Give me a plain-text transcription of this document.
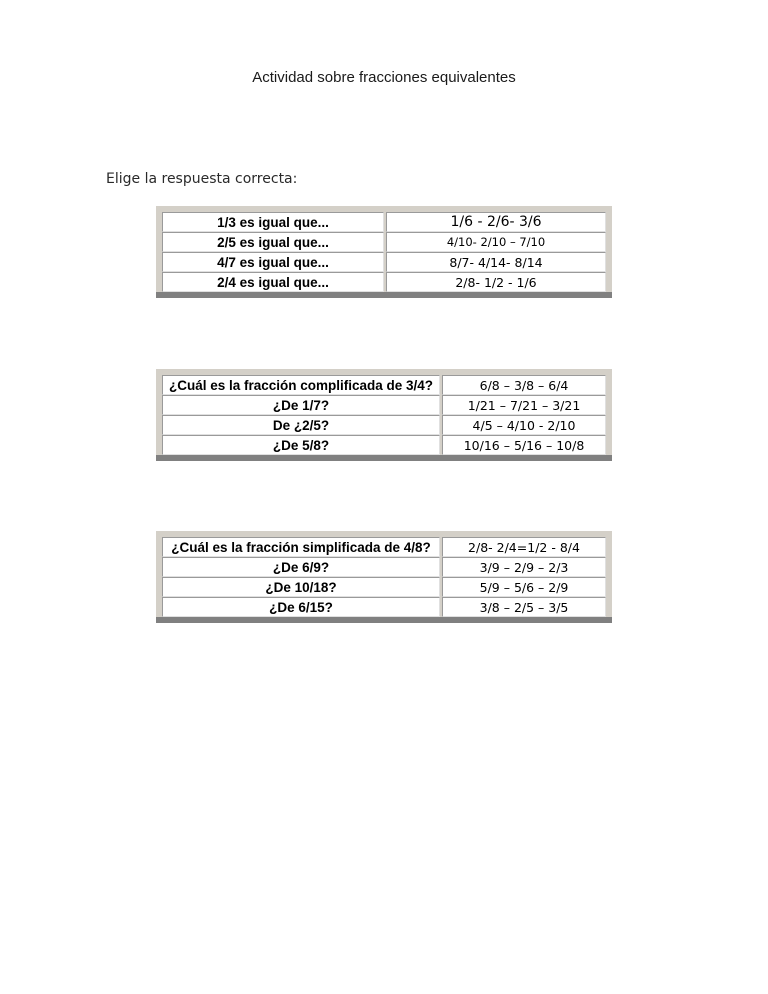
Actividad sobre fracciones equivalentes
Elige la respuesta correcta:
1/3 es igual que...	1/6 - 2/6- 3/6
2/5 es igual que...	4/10- 2/10 – 7/10
4/7 es igual que...	8/7- 4/14- 8/14
2/4 es igual que...	2/8- 1/2 - 1/6
¿Cuál es la fracción complificada de 3/4?	6/8 – 3/8 – 6/4
¿De 1/7?	1/21 – 7/21 – 3/21
De ¿2/5?	4/5 – 4/10 - 2/10
¿De 5/8?	10/16 – 5/16 – 10/8
¿Cuál es la fracción simplificada de 4/8?	2/8- 2/4=1/2 - 8/4
¿De 6/9?	3/9 – 2/9 – 2/3
¿De 10/18?	5/9 – 5/6 – 2/9
¿De 6/15?	3/8 – 2/5 – 3/5
